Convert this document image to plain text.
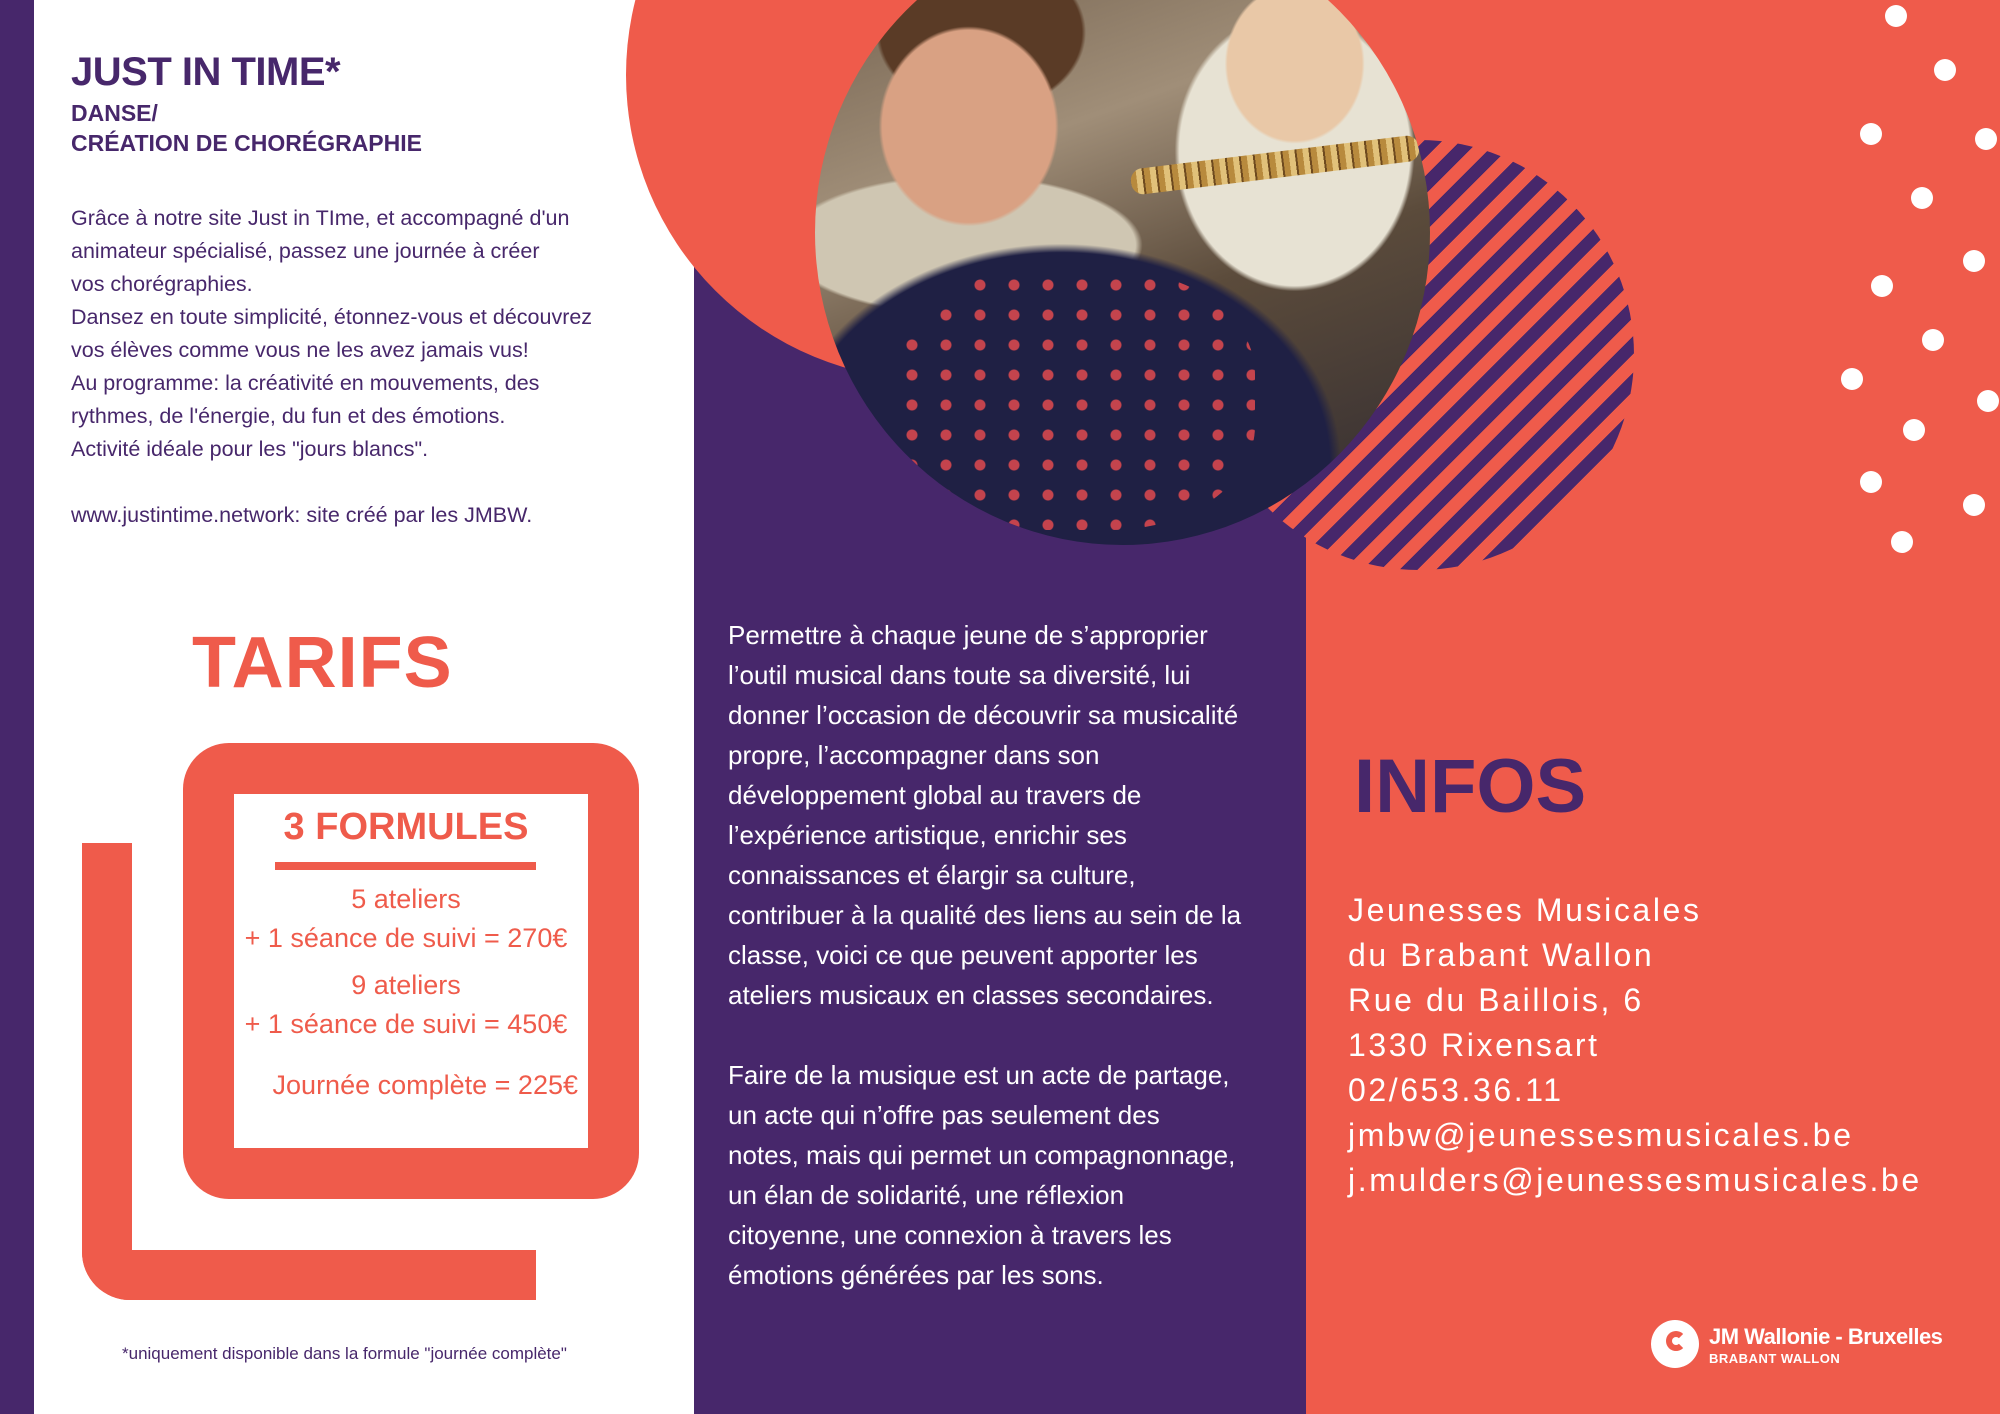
JUST IN TIME*
DANSE/
CRÉATION DE CHORÉGRAPHIE
Grâce à notre site Just in TIme, et accompagné d'un
animateur spécialisé, passez une journée à créer
vos chorégraphies.
Dansez en toute simplicité, étonnez-vous et découvrez
vos élèves comme vous ne les avez jamais vus!
Au programme: la créativité en mouvements, des
rythmes, de l'énergie, du fun et des émotions.
Activité idéale pour les "jours blancs".
www.justintime.network: site créé par les JMBW.
TARIFS
3 FORMULES
5 ateliers
+ 1 séance de suivi = 270€
9 ateliers
+ 1 séance de suivi = 450€
Journée complète = 225€
*uniquement disponible dans la formule "journée complète"
Permettre à chaque jeune de s’approprier
l’outil musical dans toute sa diversité, lui
donner l’occasion de découvrir sa musicalité
propre, l’accompagner dans son
développement global au travers de
l’expérience artistique, enrichir ses
connaissances et élargir sa culture,
contribuer à la qualité des liens au sein de la
classe, voici ce que peuvent apporter les
ateliers musicaux en classes secondaires.
Faire de la musique est un acte de partage,
un acte qui n’offre pas seulement des
notes, mais qui permet un compagnonnage,
un élan de solidarité, une réflexion
citoyenne, une connexion à travers les
émotions générées par les sons.
INFOS
Jeunesses Musicales
du Brabant Wallon
Rue du Baillois, 6
1330 Rixensart
02/653.36.11
jmbw@jeunessesmusicales.be
j.mulders@jeunessesmusicales.be
JM Wallonie - Bruxelles
BRABANT WALLON
